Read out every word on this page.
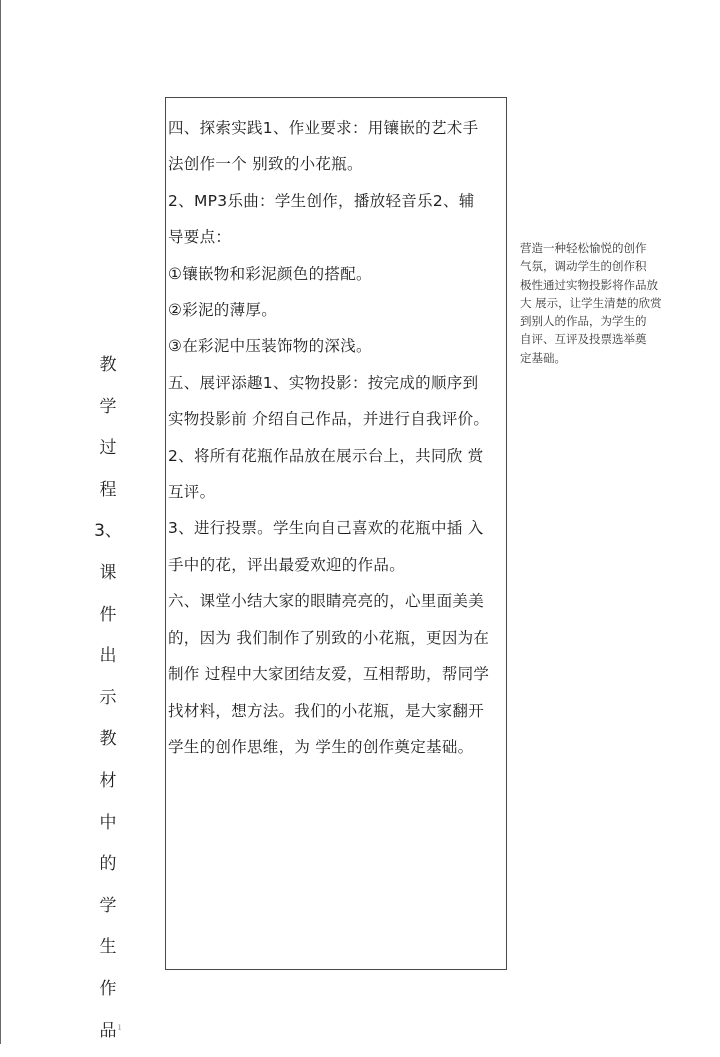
教
学
过
程
3、
课
件
出
示
教
材
中
的
学
生
作
品 ı

四、探索实践1、作业要求：用镶嵌的艺术手

法创作一个 别致的小花瓶。

2、MP3乐曲：学生创作，播放轻音乐2、辅

导要点：

①镶嵌物和彩泥颜色的搭配。

②彩泥的薄厚。

③在彩泥中压装饰物的深浅。

五、展评添趣1、实物投影：按完成的顺序到

实物投影前 介绍自己作品，并进行自我评价。

2、将所有花瓶作品放在展示台上，共同欣 赏

互评。

3、进行投票。学生向自己喜欢的花瓶中插 入

手中的花，评出最爱欢迎的作品。

六、课堂小结大家的眼睛亮亮的，心里面美美

的，因为 我们制作了别致的小花瓶，更因为在

制作 过程中大家团结友爱，互相帮助，帮同学

找材料，想方法。我们的小花瓶，是大家翻开

学生的创作思维，为 学生的创作奠定基础。

营造一种轻松愉悦的创作

气氛，调动学生的创作积

极性通过实物投影将作品放

大 展示，让学生清楚的欣赏

到别人的作品，为学生的

自评、互评及投票选举奠

定基础。
